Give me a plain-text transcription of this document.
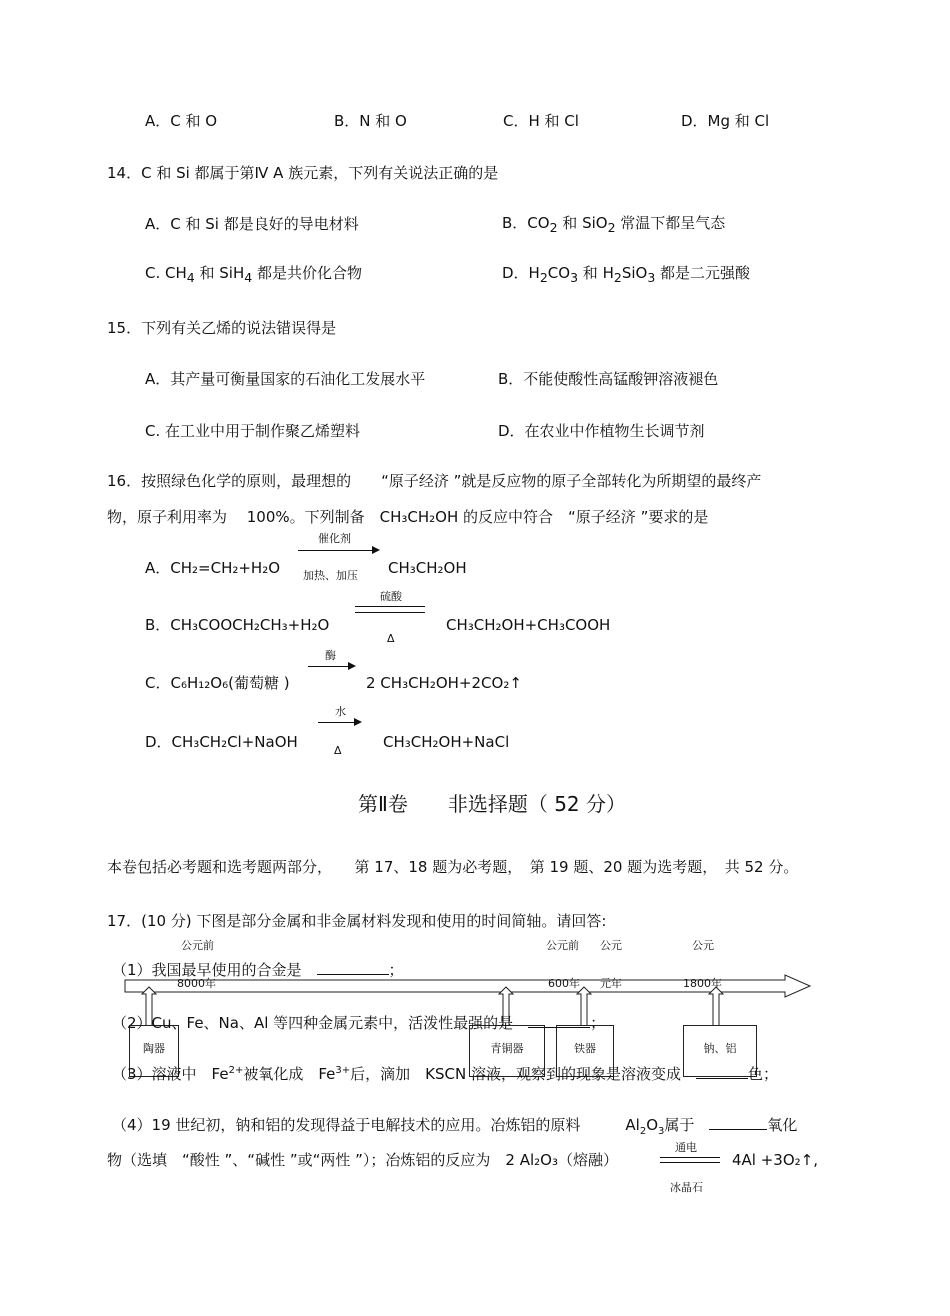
A．C 和 O	B．N 和 O	C．H 和 Cl	D．Mg 和 Cl
14．C 和 Si 都属于第Ⅳ A 族元素，下列有关说法正确的是
A．C 和 Si 都是良好的导电材料	B．$CO_2$ 和 SiO$_2$ 常温下都呈气态
C. $CH_4$ 和 SiH$_4$ 都是共价化合物	D．$H_2CO_3$ 和 $H_2SiO_3$ 都是二元强酸
15．下列有关乙烯的说法错误得是
A．其产量可衡量国家的石油化工发展水平	B．不能使酸性高锰酸钾溶液褪色
C. 在工业中用于制作聚乙烯塑料	D．在农业中作植物生长调节剂
16．按照绿色化学的原则，最理想的　　“原子经济 ”就是反应物的原子全部转化为所期望的最终产
物，原子利用率为　 100%。下列制备　CH₃CH₂OH 的反应中符合　“原子经济 ”要求的是
A．CH₂=CH₂+H₂O
催化剂
加热、加压 CH₃CH₂OH
B．CH₃COOCH₂CH₃+H₂O
硫酸
Δ
CH₃CH₂OH+CH₃COOH
C．C₆H₁₂O₆(葡萄糖 )
酶
2 CH₃CH₂OH+2CO₂↑
D．CH₃CH₂Cl+NaOH
水
Δ	CH₃CH₂OH+NaCl
第Ⅱ卷　　非选择题（ 52 分）
本卷包括必考题和选考题两部分，　　第 17、18 题为必考题，　第 19 题、20 题为选考题，　共 52 分。
17．(10 分) 下图是部分金属和非金属材料发现和使用的时间简轴。请回答:
公元前	公元前 公元	公元
8000年	600年 元年	1800年
陶器	青铜器	铁器	钠、铝
（1）我国最早使用的合金是　	；
（2）Cu、Fe、Na、Al 等四种金属元素中，活泼性最强的是　	；
（3）溶液中　$Fe^{2+}$被氧化成　$Fe^{3+}$后，滴加　KSCN 溶液，观察到的现象是溶液变成　	色；
（4）19 世纪初，钠和铝的发现得益于电解技术的应用。冶炼铝的原料　　　$Al_2O_3$属于　	氧化
物（选填　“酸性 ”、“碱性 ”或“两性 ”）；冶炼铝的反应为　2 Al₂O₃（熔融）
通电
冰晶石
4Al +3O₂↑,
